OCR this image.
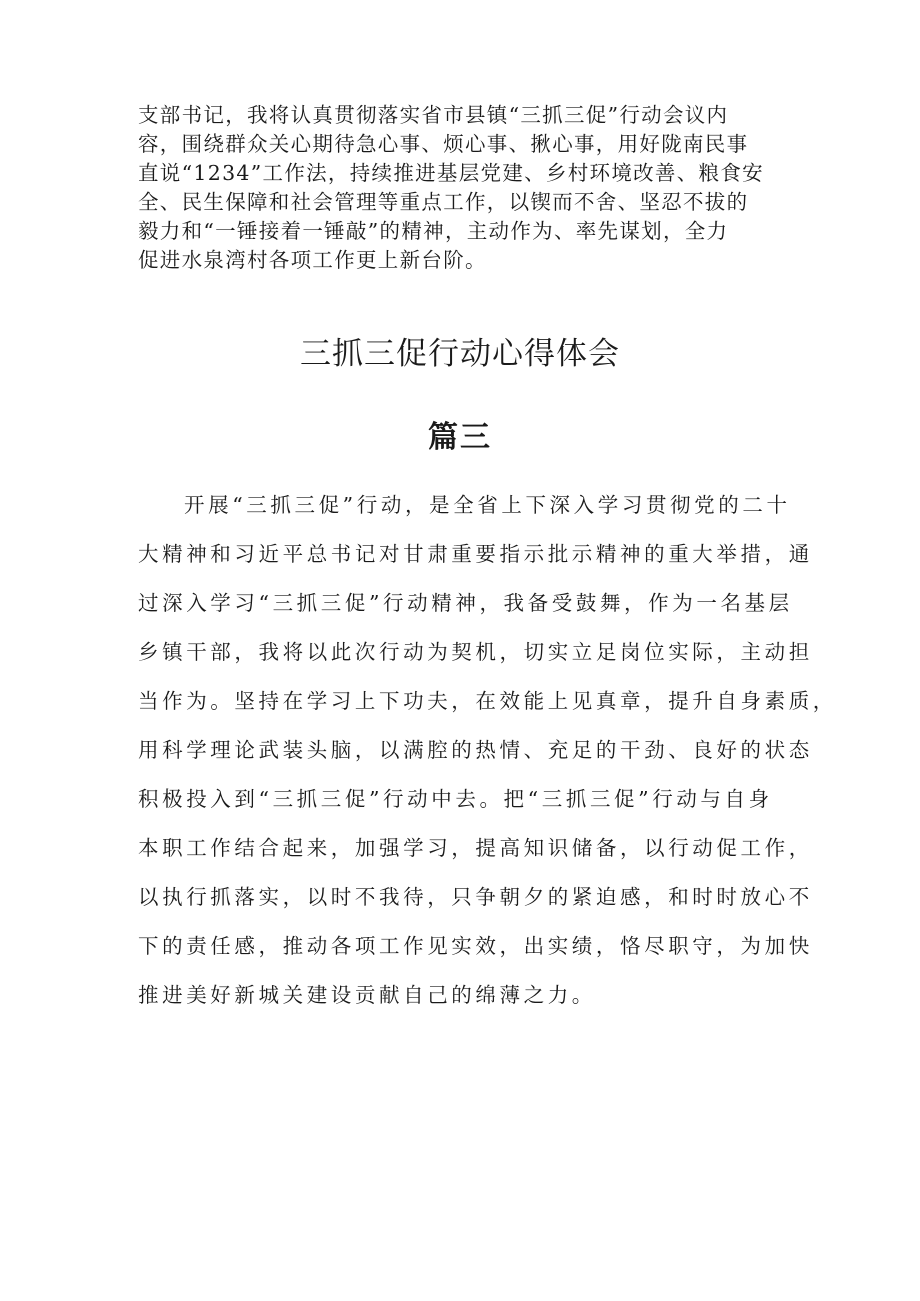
支部书记，我将认真贯彻落实省市县镇“三抓三促”行动会议内
容，围绕群众关心期待急心事、烦心事、揪心事，用好陇南民事
直说“1234”工作法，持续推进基层党建、乡村环境改善、粮食安
全、民生保障和社会管理等重点工作，以锲而不舍、坚忍不拔的
毅力和“一锤接着一锤敲”的精神，主动作为、率先谋划，全力
促进水泉湾村各项工作更上新台阶。
三抓三促行动心得体会
篇三
开展“三抓三促”行动，是全省上下深入学习贯彻党的二十
大精神和习近平总书记对甘肃重要指示批示精神的重大举措，通
过深入学习“三抓三促”行动精神，我备受鼓舞，作为一名基层
乡镇干部，我将以此次行动为契机，切实立足岗位实际，主动担
当作为。坚持在学习上下功夫，在效能上见真章，提升自身素质，
用科学理论武装头脑，以满腔的热情、充足的干劲、良好的状态
积极投入到“三抓三促”行动中去。把“三抓三促”行动与自身
本职工作结合起来，加强学习，提高知识储备，以行动促工作，
以执行抓落实，以时不我待，只争朝夕的紧迫感，和时时放心不
下的责任感，推动各项工作见实效，出实绩，恪尽职守，为加快
推进美好新城关建设贡献自己的绵薄之力。
